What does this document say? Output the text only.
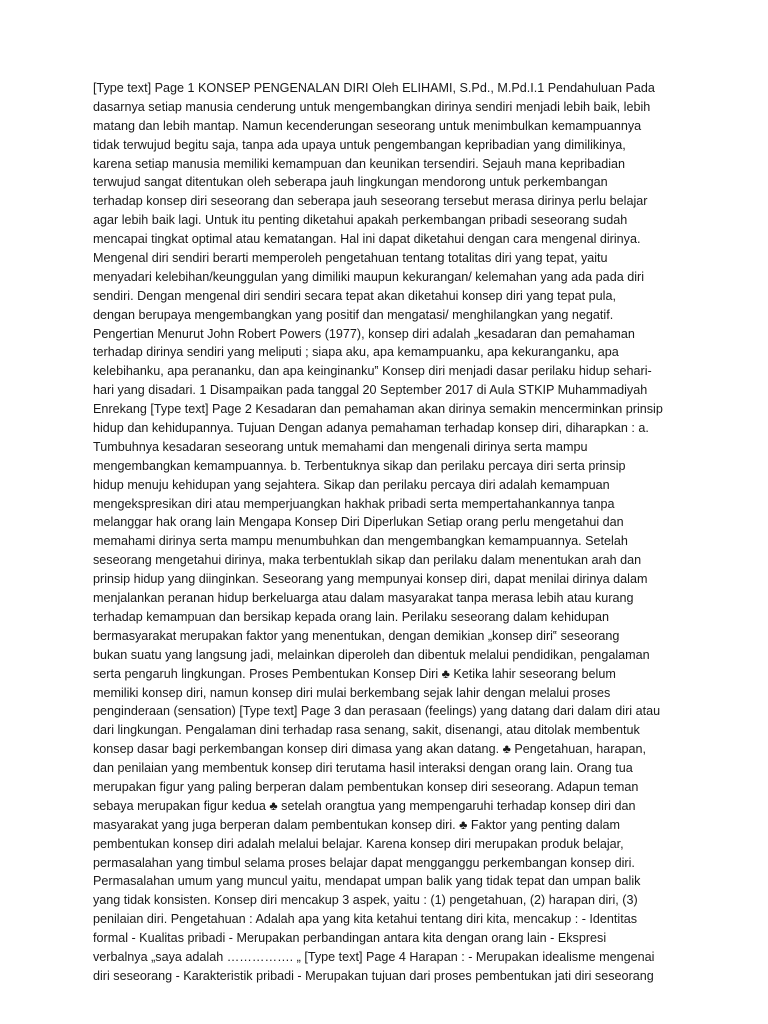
[Type text] Page 1 KONSEP PENGENALAN DIRI Oleh ELIHAMI, S.Pd., M.Pd.I.1 Pendahuluan Pada
dasarnya setiap manusia cenderung untuk mengembangkan dirinya sendiri menjadi lebih baik, lebih
matang dan lebih mantap. Namun kecenderungan seseorang untuk menimbulkan kemampuannya
tidak terwujud begitu saja, tanpa ada upaya untuk pengembangan kepribadian yang dimilikinya,
karena setiap manusia memiliki kemampuan dan keunikan tersendiri. Sejauh mana kepribadian
terwujud sangat ditentukan oleh seberapa jauh lingkungan mendorong untuk perkembangan
terhadap konsep diri seseorang dan seberapa jauh seseorang tersebut merasa dirinya perlu belajar
agar lebih baik lagi. Untuk itu penting diketahui apakah perkembangan pribadi seseorang sudah
mencapai tingkat optimal atau kematangan. Hal ini dapat diketahui dengan cara mengenal dirinya.
Mengenal diri sendiri berarti memperoleh pengetahuan tentang totalitas diri yang tepat, yaitu
menyadari kelebihan/keunggulan yang dimiliki maupun kekurangan/ kelemahan yang ada pada diri
sendiri. Dengan mengenal diri sendiri secara tepat akan diketahui konsep diri yang tepat pula,
dengan berupaya mengembangkan yang positif dan mengatasi/ menghilangkan yang negatif.
Pengertian Menurut John Robert Powers (1977), konsep diri adalah „kesadaran dan pemahaman
terhadap dirinya sendiri yang meliputi ; siapa aku, apa kemampuanku, apa kekuranganku, apa
kelebihanku, apa perananku, dan apa keinginanku‟ Konsep diri menjadi dasar perilaku hidup sehari-
hari yang disadari. 1 Disampaikan pada tanggal 20 September 2017 di Aula STKIP Muhammadiyah
Enrekang [Type text] Page 2 Kesadaran dan pemahaman akan dirinya semakin mencerminkan prinsip
hidup dan kehidupannya. Tujuan Dengan adanya pemahaman terhadap konsep diri, diharapkan : a.
Tumbuhnya kesadaran seseorang untuk memahami dan mengenali dirinya serta mampu
mengembangkan kemampuannya. b. Terbentuknya sikap dan perilaku percaya diri serta prinsip
hidup menuju kehidupan yang sejahtera. Sikap dan perilaku percaya diri adalah kemampuan
mengekspresikan diri atau memperjuangkan hakhak pribadi serta mempertahankannya tanpa
melanggar hak orang lain Mengapa Konsep Diri Diperlukan Setiap orang perlu mengetahui dan
memahami dirinya serta mampu menumbuhkan dan mengembangkan kemampuannya. Setelah
seseorang mengetahui dirinya, maka terbentuklah sikap dan perilaku dalam menentukan arah dan
prinsip hidup yang diinginkan. Seseorang yang mempunyai konsep diri, dapat menilai dirinya dalam
menjalankan peranan hidup berkeluarga atau dalam masyarakat tanpa merasa lebih atau kurang
terhadap kemampuan dan bersikap kepada orang lain. Perilaku seseorang dalam kehidupan
bermasyarakat merupakan faktor yang menentukan, dengan demikian „konsep diri‟ seseorang
bukan suatu yang langsung jadi, melainkan diperoleh dan dibentuk melalui pendidikan, pengalaman
serta pengaruh lingkungan. Proses Pembentukan Konsep Diri ♣ Ketika lahir seseorang belum
memiliki konsep diri, namun konsep diri mulai berkembang sejak lahir dengan melalui proses
penginderaan (sensation) [Type text] Page 3 dan perasaan (feelings) yang datang dari dalam diri atau
dari lingkungan. Pengalaman dini terhadap rasa senang, sakit, disenangi, atau ditolak membentuk
konsep dasar bagi perkembangan konsep diri dimasa yang akan datang. ♣ Pengetahuan, harapan,
dan penilaian yang membentuk konsep diri terutama hasil interaksi dengan orang lain. Orang tua
merupakan figur yang paling berperan dalam pembentukan konsep diri seseorang. Adapun teman
sebaya merupakan figur kedua ♣ setelah orangtua yang mempengaruhi terhadap konsep diri dan
masyarakat yang juga berperan dalam pembentukan konsep diri. ♣ Faktor yang penting dalam
pembentukan konsep diri adalah melalui belajar. Karena konsep diri merupakan produk belajar,
permasalahan yang timbul selama proses belajar dapat mengganggu perkembangan konsep diri.
Permasalahan umum yang muncul yaitu, mendapat umpan balik yang tidak tepat dan umpan balik
yang tidak konsisten. Konsep diri mencakup 3 aspek, yaitu : (1) pengetahuan, (2) harapan diri, (3)
penilaian diri. Pengetahuan : Adalah apa yang kita ketahui tentang diri kita, mencakup : - Identitas
formal - Kualitas pribadi - Merupakan perbandingan antara kita dengan orang lain - Ekspresi
verbalnya „saya adalah ……………. „ [Type text] Page 4 Harapan : - Merupakan idealisme mengenai
diri seseorang - Karakteristik pribadi - Merupakan tujuan dari proses pembentukan jati diri seseorang
